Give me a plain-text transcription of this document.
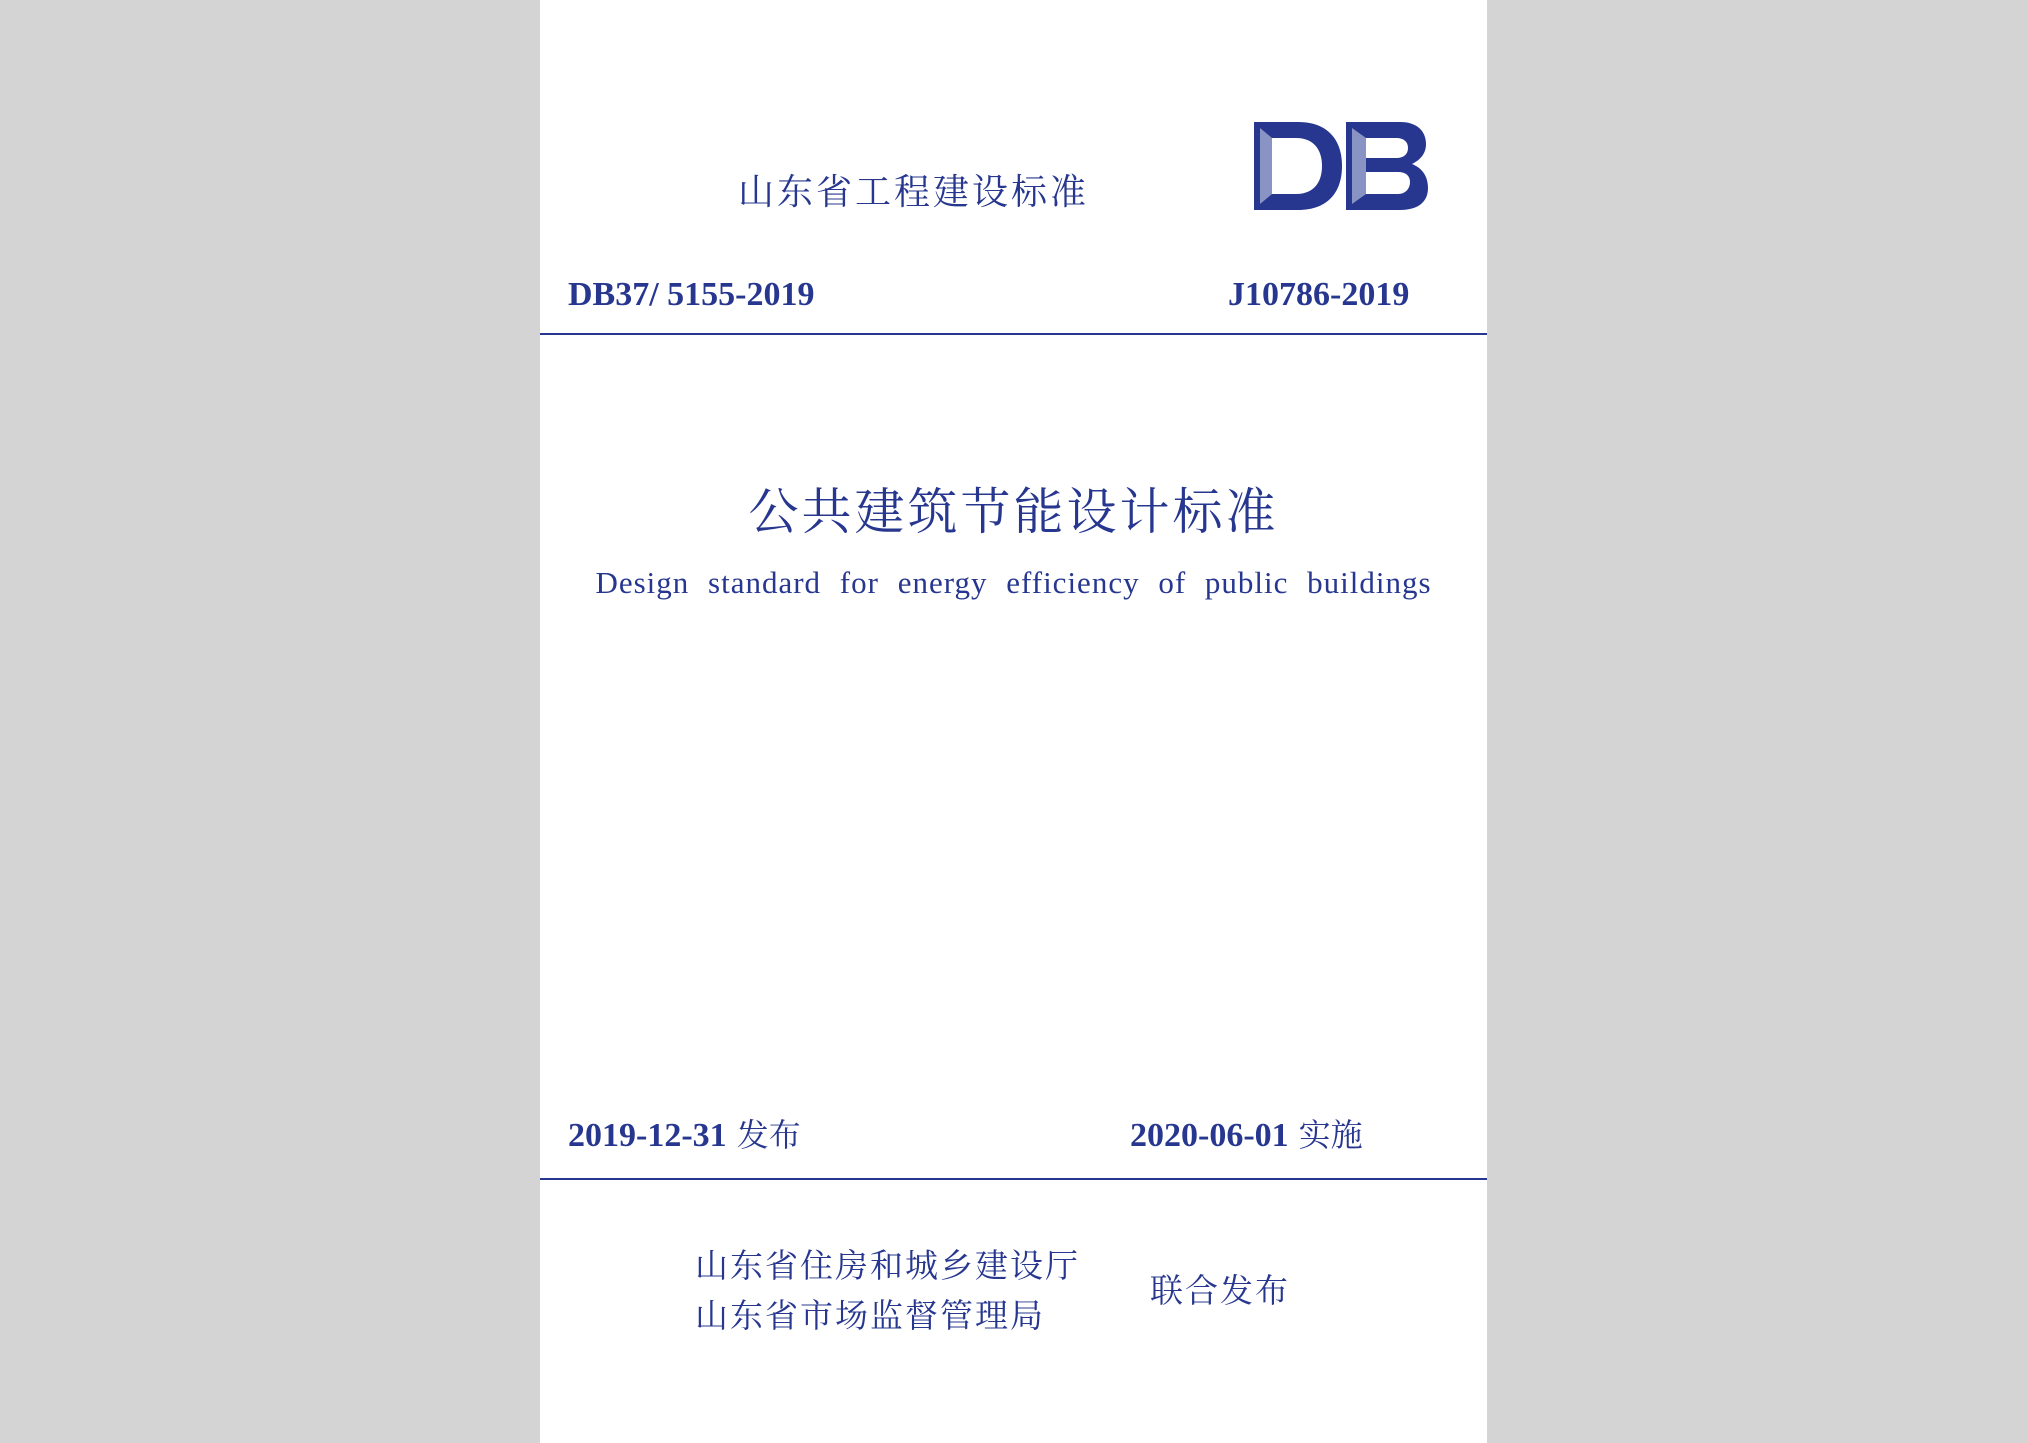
山东省工程建设标准
DB37/ 5155-2019	J10786-2019
公共建筑节能设计标准
Design standard for energy efficiency of public buildings
2019-12-31 发布	2020-06-01 实施
山东省住房和城乡建设厅
山东省市场监督管理局
联合发布
